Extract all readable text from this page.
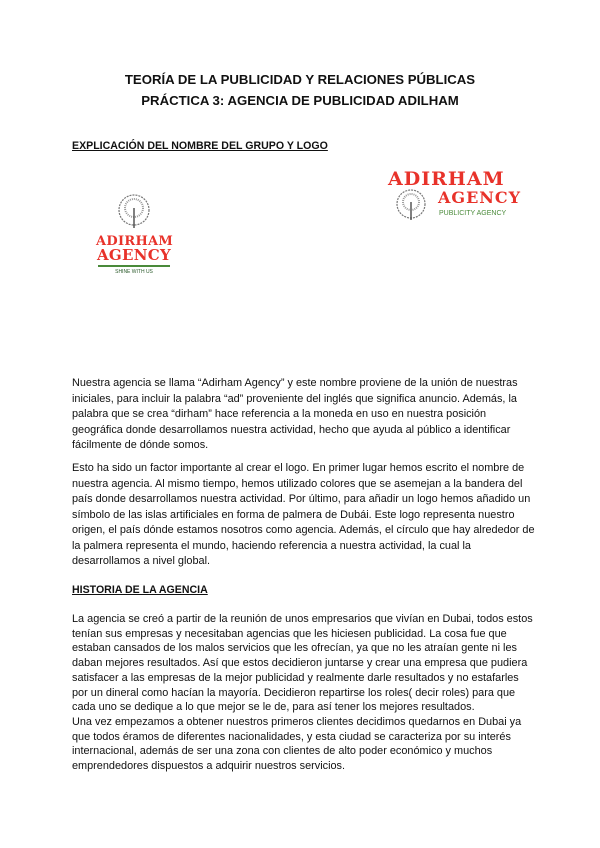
TEORÍA DE LA PUBLICIDAD Y RELACIONES PÚBLICAS
PRÁCTICA 3: AGENCIA DE PUBLICIDAD ADILHAM
EXPLICACIÓN DEL NOMBRE DEL GRUPO Y LOGO
ADIRHAM
AGENCY
SHINE WITH US
ADIRHAM
AGENCY
PUBLICITY AGENCY
Nuestra agencia se llama “Adirham Agency” y este nombre proviene de la unión de nuestras
iniciales, para incluir la palabra “ad” proveniente del inglés que significa anuncio. Además, la
palabra que se crea “dirham” hace referencia a la moneda en uso en nuestra posición
geográfica donde desarrollamos nuestra actividad, hecho que ayuda al público a identificar
fácilmente de dónde somos.
Esto ha sido un factor importante al crear el logo. En primer lugar hemos escrito el nombre de
nuestra agencia. Al mismo tiempo, hemos utilizado colores que se asemejan a la bandera del
país donde desarrollamos nuestra actividad. Por último, para añadir un logo hemos añadido un
símbolo de las islas artificiales en forma de palmera de Dubái. Este logo representa nuestro
origen, el país dónde estamos nosotros como agencia. Además, el círculo que hay alrededor de
la palmera representa el mundo, haciendo referencia a nuestra actividad, la cual la
desarrollamos a nivel global.
HISTORIA DE LA AGENCIA
La agencia se creó a partir de la reunión de unos empresarios que vivían en Dubai, todos estos
tenían sus empresas y necesitaban agencias que les hiciesen publicidad. La cosa fue que
estaban cansados de los malos servicios que les ofrecían, ya que no les atraían gente ni les
daban mejores resultados. Así que estos decidieron juntarse y crear una empresa que pudiera
satisfacer a las empresas de la mejor publicidad y realmente darle resultados y no estafarles
por un dineral como hacían la mayoría. Decidieron repartirse los roles( decir roles) para que
cada uno se dedique a lo que mejor se le de, para así tener los mejores resultados.
Una vez empezamos a obtener nuestros primeros clientes decidimos quedarnos en Dubai ya
que todos éramos de diferentes nacionalidades, y esta ciudad se caracteriza por su interés
internacional, además de ser una zona con clientes de alto poder económico y muchos
emprendedores dispuestos a adquirir nuestros servicios.
